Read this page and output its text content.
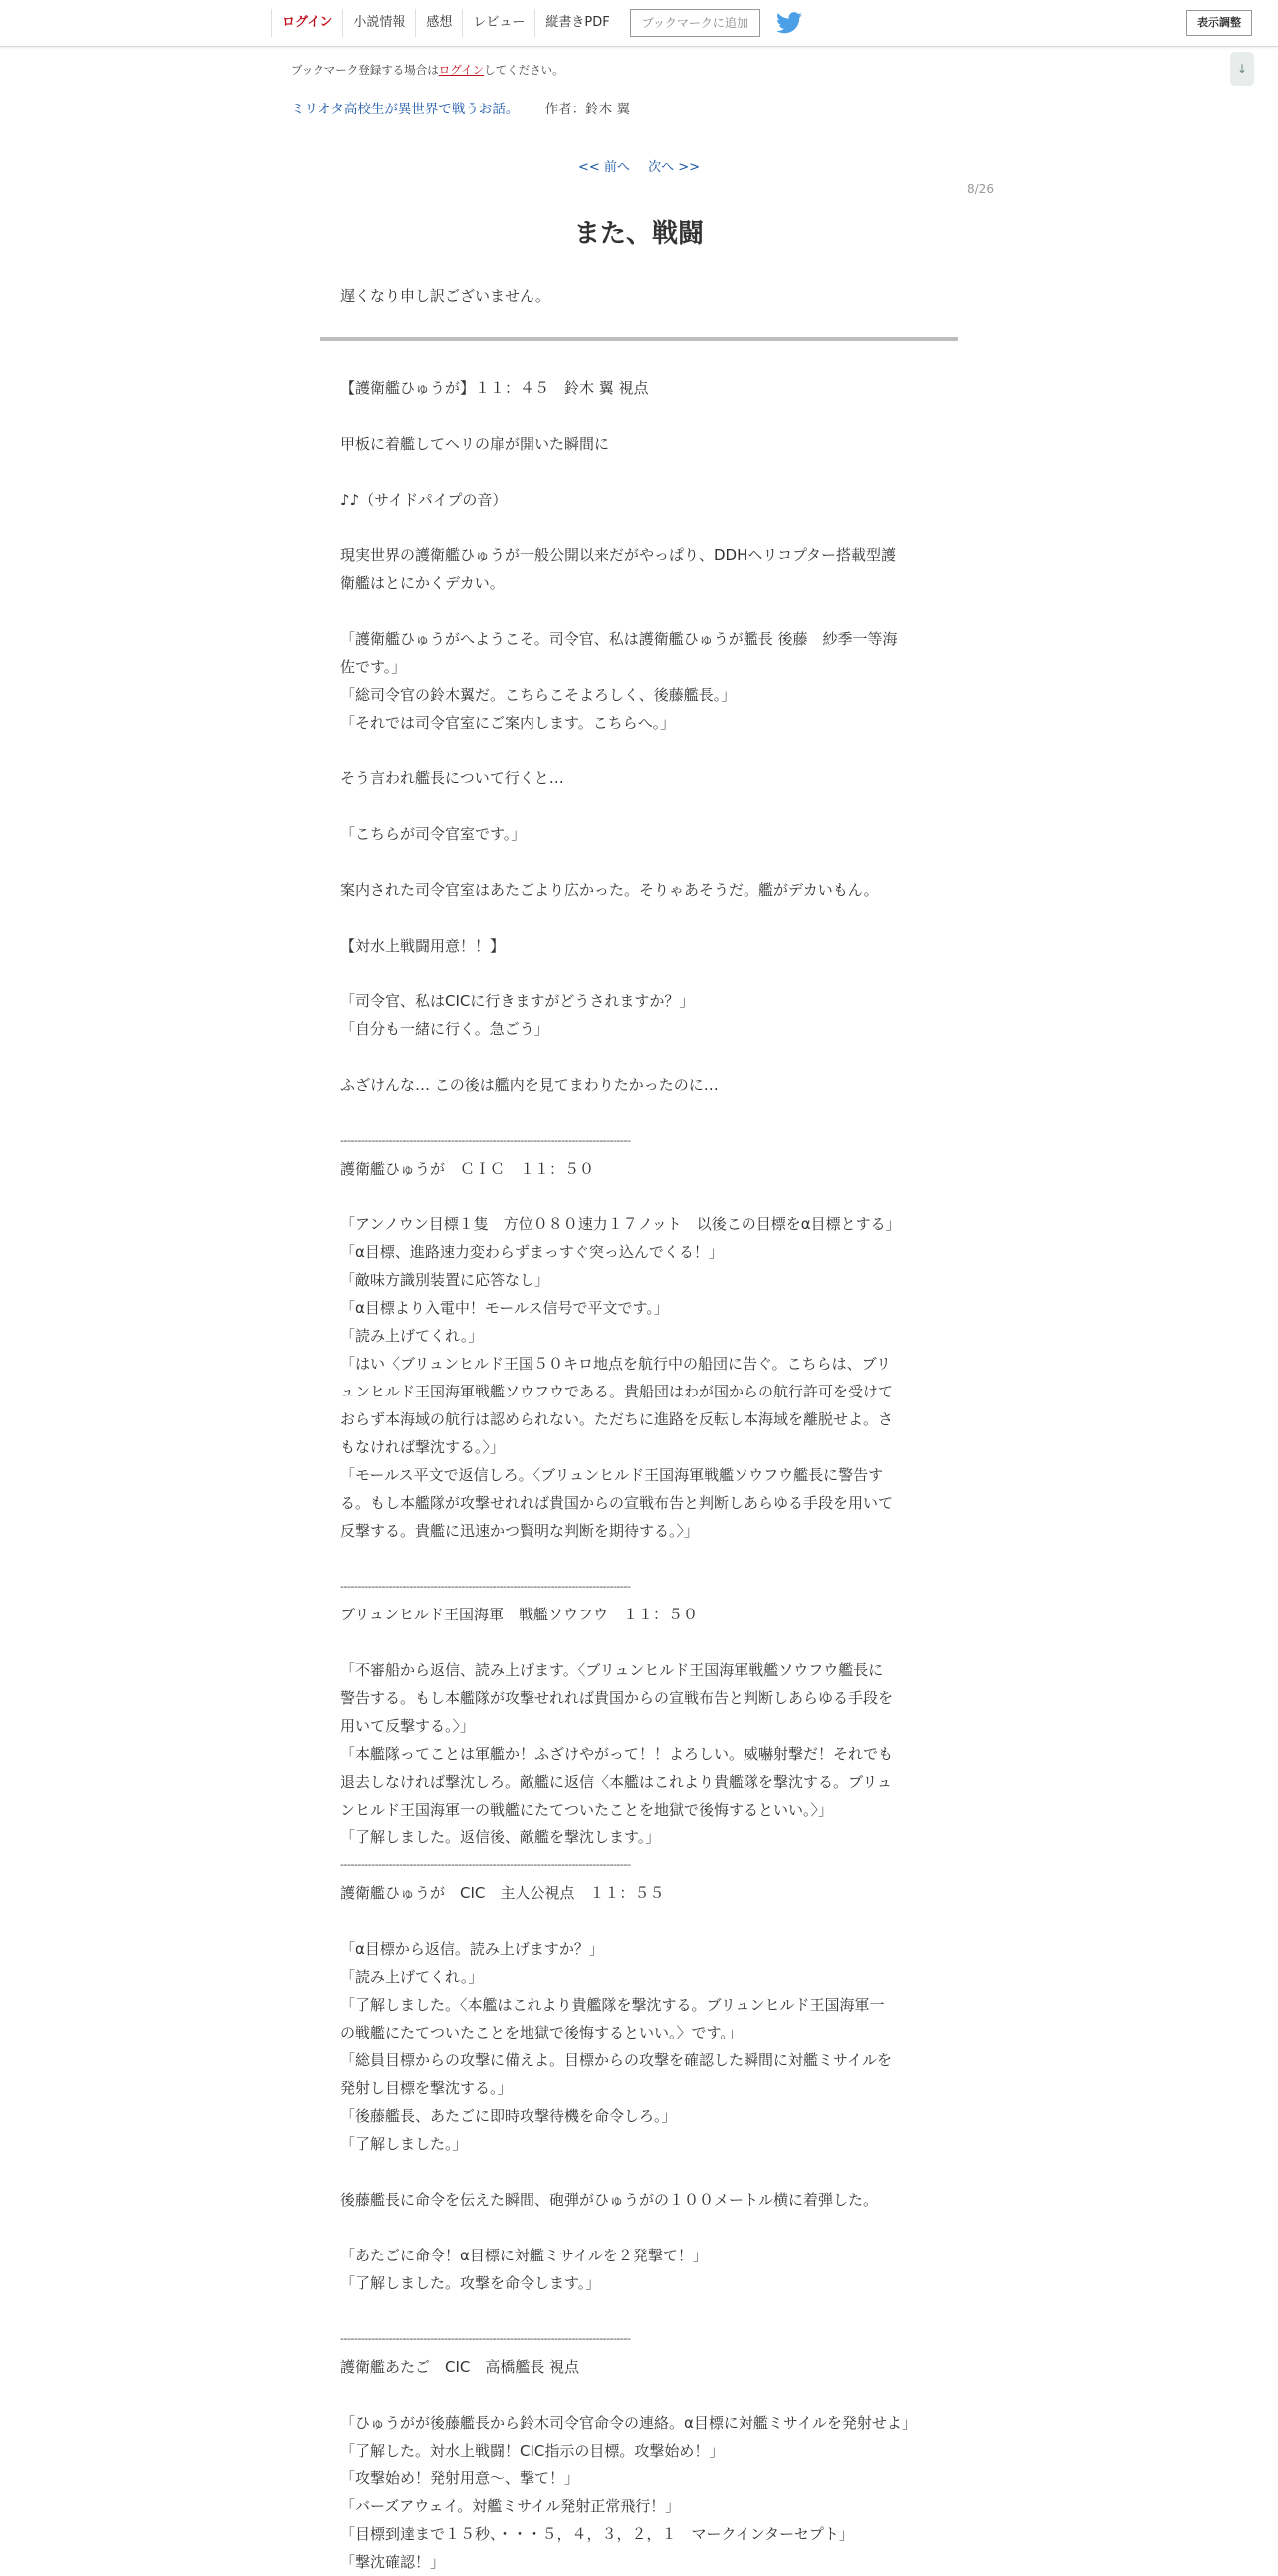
ログイン	小説情報	感想	レビュー	縦書きPDF	ブックマークに追加	表示調整
↓
ブックマーク登録する場合はログインしてください。
ミリオタ高校生が異世界で戦うお話。 作者：鈴木 翼
<< 前へ 次へ >>
8/26
また、戦闘
遅くなり申し訳ございません。

【護衛艦ひゅうが】１１：４５　鈴木 翼 視点

甲板に着艦してヘリの扉が開いた瞬間に

♪♪（サイドパイプの音）

現実世界の護衛艦ひゅうが一般公開以来だがやっぱり、DDHヘリコプター搭載型護

衛艦はとにかくデカい。

「護衛艦ひゅうがへようこそ。司令官、私は護衛艦ひゅうが艦長 後藤　紗季一等海

佐です。」

「総司令官の鈴木翼だ。こちらこそよろしく、後藤艦長。」

「それでは司令官室にご案内します。こちらへ。」

そう言われ艦長について行くと…

「こちらが司令官室です。」

案内された司令官室はあたごより広かった。そりゃあそうだ。艦がデカいもん。

【対水上戦闘用意！！】

「司令官、私はCICに行きますがどうされますか？」

「自分も一緒に行く。急ごう」

ふざけんな… この後は艦内を見てまわりたかったのに…

------------------------------------------------------------------------------------

護衛艦ひゅうが　ＣＩＣ　１１：５０

「アンノウン目標１隻　方位０８０速力１７ノット　以後この目標をα目標とする」

「α目標、進路速力変わらずまっすぐ突っ込んでくる！」

「敵味方識別装置に応答なし」

「α目標より入電中！モールス信号で平文です。」

「読み上げてくれ。」

「はい〈ブリュンヒルド王国５０キロ地点を航行中の船団に告ぐ。こちらは、ブリ

ュンヒルド王国海軍戦艦ソウフウである。貴船団はわが国からの航行許可を受けて

おらず本海域の航行は認められない。ただちに進路を反転し本海域を離脱せよ。さ

もなければ撃沈する。〉」

「モールス平文で返信しろ。〈ブリュンヒルド王国海軍戦艦ソウフウ艦長に警告す

る。もし本艦隊が攻撃せれれば貴国からの宣戦布告と判断しあらゆる手段を用いて

反撃する。貴艦に迅速かつ賢明な判断を期待する。〉」

------------------------------------------------------------------------------------

ブリュンヒルド王国海軍　戦艦ソウフウ　１１：５０

「不審船から返信、読み上げます。〈ブリュンヒルド王国海軍戦艦ソウフウ艦長に

警告する。もし本艦隊が攻撃せれれば貴国からの宣戦布告と判断しあらゆる手段を

用いて反撃する。〉」

「本艦隊ってことは軍艦か！ふざけやがって！！よろしい。威嚇射撃だ！それでも

退去しなければ撃沈しろ。敵艦に返信〈本艦はこれより貴艦隊を撃沈する。ブリュ

ンヒルド王国海軍一の戦艦にたてついたことを地獄で後悔するといい。〉」

「了解しました。返信後、敵艦を撃沈します。」

------------------------------------------------------------------------------------

護衛艦ひゅうが　CIC　主人公視点　１１：５５

「α目標から返信。読み上げますか？」

「読み上げてくれ。」

「了解しました。〈本艦はこれより貴艦隊を撃沈する。ブリュンヒルド王国海軍一

の戦艦にたてついたことを地獄で後悔するといい。〉です。」

「総員目標からの攻撃に備えよ。目標からの攻撃を確認した瞬間に対艦ミサイルを

発射し目標を撃沈する。」

「後藤艦長、あたごに即時攻撃待機を命令しろ。」

「了解しました。」

後藤艦長に命令を伝えた瞬間、砲弾がひゅうがの１００メートル横に着弾した。

「あたごに命令！α目標に対艦ミサイルを２発撃て！」

「了解しました。攻撃を命令します。」

------------------------------------------------------------------------------------

護衛艦あたご　CIC　高橋艦長 視点

「ひゅうがが後藤艦長から鈴木司令官命令の連絡。α目標に対艦ミサイルを発射せよ」

「了解した。対水上戦闘！CIC指示の目標。攻撃始め！」

「攻撃始め！発射用意～、撃て！」

「バーズアウェイ。対艦ミサイル発射正常飛行！」

「目標到達まで１５秒、・・・５，４，３，２，１　マークインターセプト」

「撃沈確認！」
